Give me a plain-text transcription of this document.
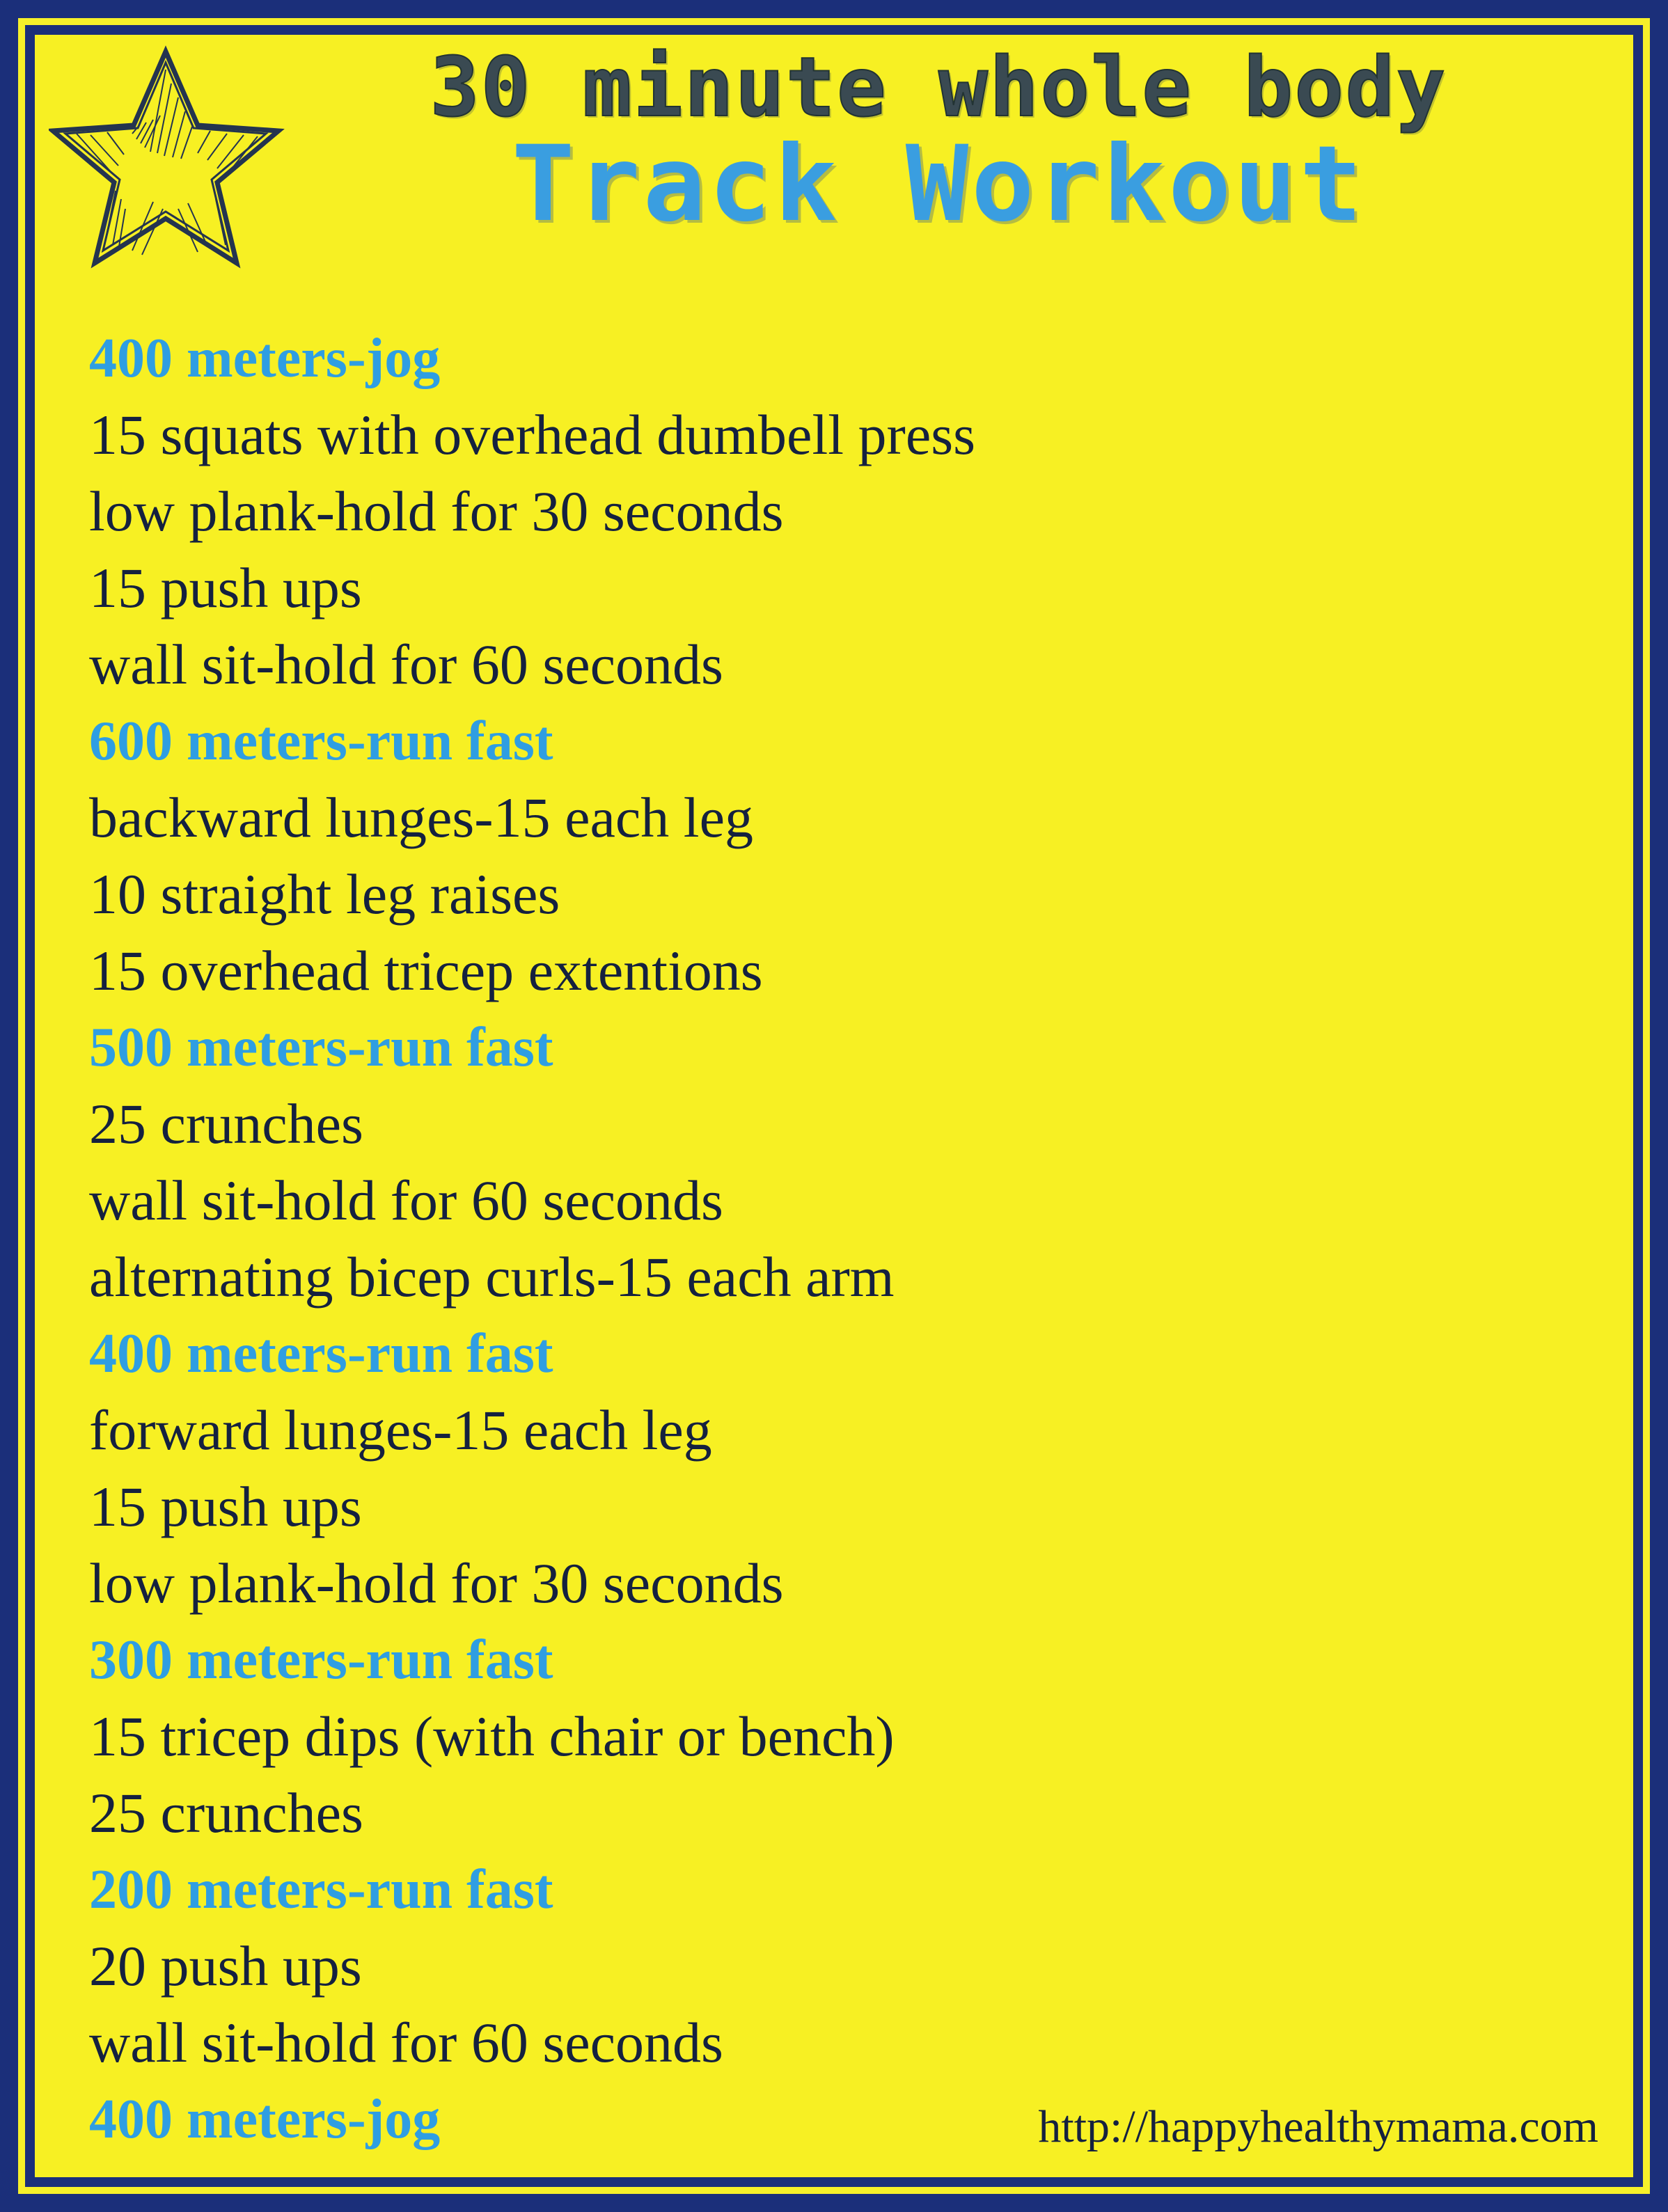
30 minute whole body
Track Workout
400 meters-jog
15 squats with overhead dumbell press
low plank-hold for 30 seconds
15 push ups
wall sit-hold for 60 seconds
600 meters-run fast
backward lunges-15 each leg
10 straight leg raises
15 overhead tricep extentions
500 meters-run fast
25 crunches
wall sit-hold for 60 seconds
alternating bicep curls-15 each arm
400 meters-run fast
forward lunges-15 each leg
15 push ups
low plank-hold for 30 seconds
300 meters-run fast
15 tricep dips (with chair or bench)
25 crunches
200 meters-run fast
20 push ups
wall sit-hold for 60 seconds
400 meters-jog	http://happyhealthymama.com
